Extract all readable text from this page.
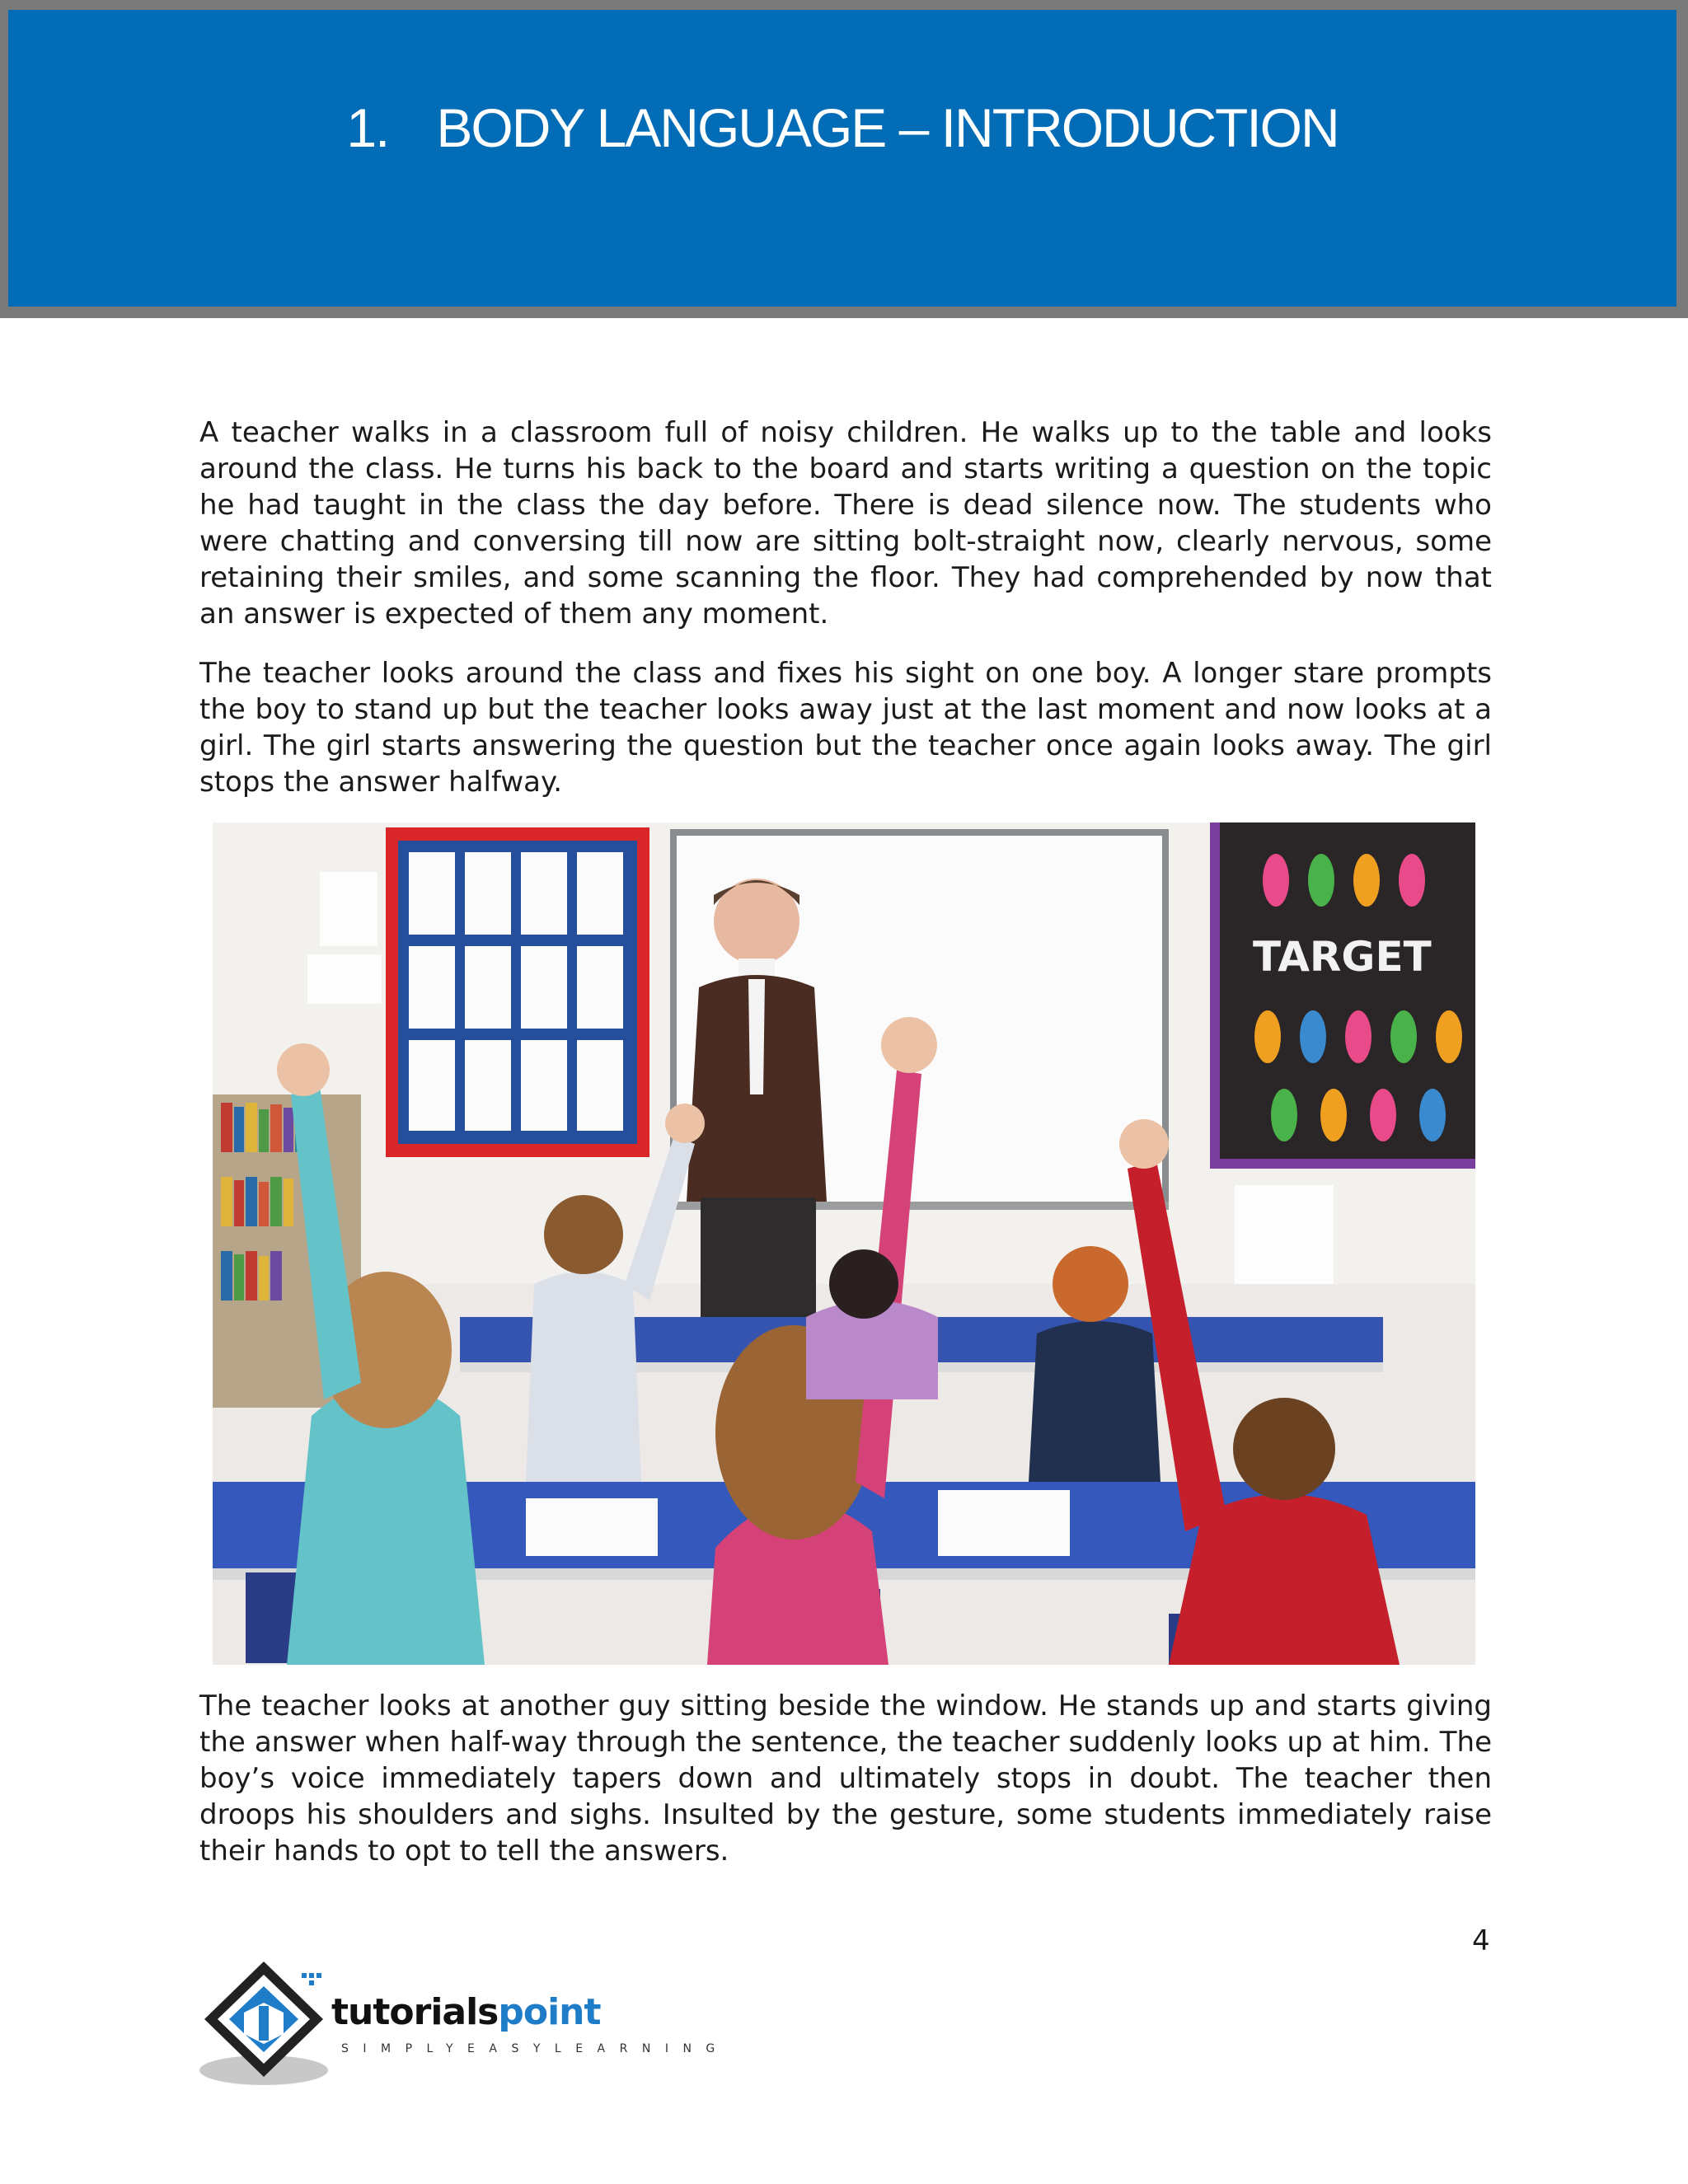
1. BODY LANGUAGE – INTRODUCTION

A teacher walks in a classroom full of noisy children. He walks up to the table and looks around the class. He turns his back to the board and starts writing a question on the topic he had taught in the class the day before. There is dead silence now. The students who were chatting and conversing till now are sitting bolt-straight now, clearly nervous, some retaining their smiles, and some scanning the floor. They had comprehended by now that an answer is expected of them any moment.

The teacher looks around the class and fixes his sight on one boy. A longer stare prompts the boy to stand up but the teacher looks away just at the last moment and now looks at a girl. The girl starts answering the question but the teacher once again looks away. The girl stops the answer halfway.

TARGET

The teacher looks at another guy sitting beside the window. He stands up and starts giving the answer when half-way through the sentence, the teacher suddenly looks up at him. The boy’s voice immediately tapers down and ultimately stops in doubt. The teacher then droops his shoulders and sighs. Insulted by the gesture, some students immediately raise their hands to opt to tell the answers.

4
tutorialspoint
SIMPLYEASYLEARNING
